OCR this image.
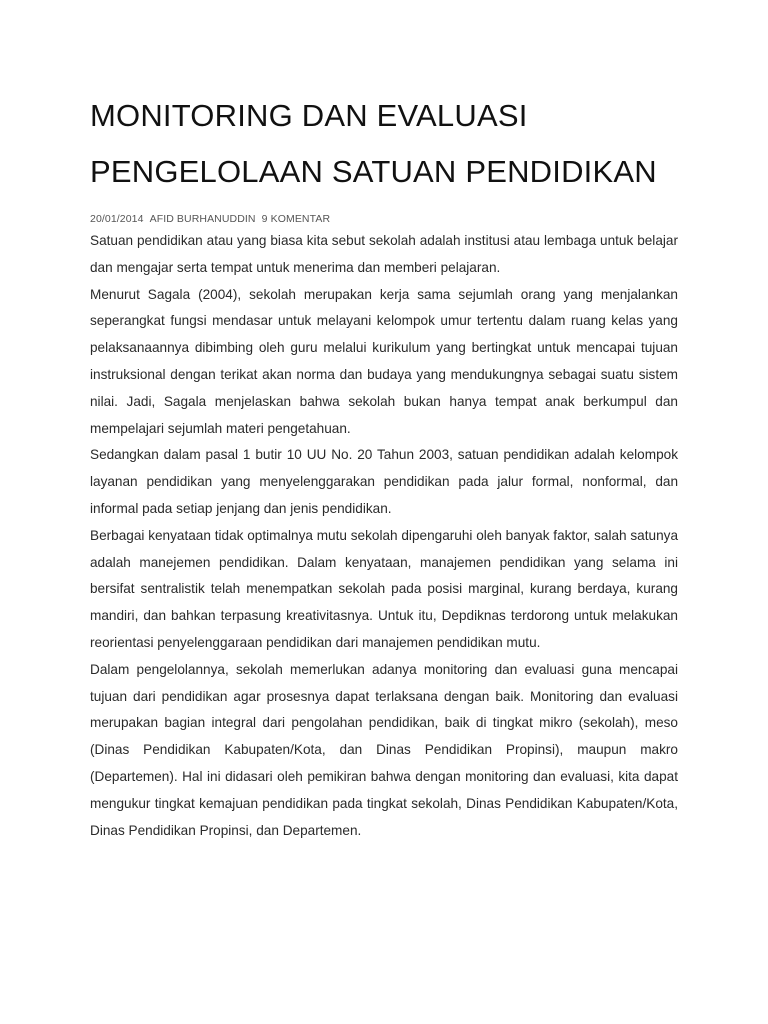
MONITORING DAN EVALUASI
PENGELOLAAN SATUAN PENDIDIKAN
20/01/2014 AFID BURHANUDDIN 9 KOMENTAR

Satuan pendidikan atau yang biasa kita sebut sekolah adalah institusi atau lembaga untuk belajar dan mengajar serta tempat untuk menerima dan memberi pelajaran.

Menurut Sagala (2004), sekolah merupakan kerja sama sejumlah orang yang menjalankan seperangkat fungsi mendasar untuk melayani kelompok umur tertentu dalam ruang kelas yang pelaksanaannya dibimbing oleh guru melalui kurikulum yang bertingkat untuk mencapai tujuan instruksional dengan terikat akan norma dan budaya yang mendukungnya sebagai suatu sistem nilai. Jadi, Sagala menjelaskan bahwa sekolah bukan hanya tempat anak berkumpul dan mempelajari sejumlah materi pengetahuan.

Sedangkan dalam pasal 1 butir 10 UU No. 20 Tahun 2003, satuan pendidikan adalah kelompok layanan pendidikan yang menyelenggarakan pendidikan pada jalur formal, nonformal, dan informal pada setiap jenjang dan jenis pendidikan.

Berbagai kenyataan tidak optimalnya mutu sekolah dipengaruhi oleh banyak faktor, salah satunya adalah manejemen pendidikan. Dalam kenyataan, manajemen pendidikan yang selama ini bersifat sentralistik telah menempatkan sekolah pada posisi marginal, kurang berdaya, kurang mandiri, dan bahkan terpasung kreativitasnya. Untuk itu, Depdiknas terdorong untuk melakukan reorientasi penyelenggaraan pendidikan dari manajemen pendidikan mutu.

Dalam pengelolannya, sekolah memerlukan adanya monitoring dan evaluasi guna mencapai tujuan dari pendidikan agar prosesnya dapat terlaksana dengan baik. Monitoring dan evaluasi merupakan bagian integral dari pengolahan pendidikan, baik di tingkat mikro (sekolah), meso (Dinas Pendidikan Kabupaten/Kota, dan Dinas Pendidikan Propinsi), maupun makro (Departemen). Hal ini didasari oleh pemikiran bahwa dengan monitoring dan evaluasi, kita dapat mengukur tingkat kemajuan pendidikan pada tingkat sekolah, Dinas Pendidikan Kabupaten/Kota, Dinas Pendidikan Propinsi, dan Departemen.
